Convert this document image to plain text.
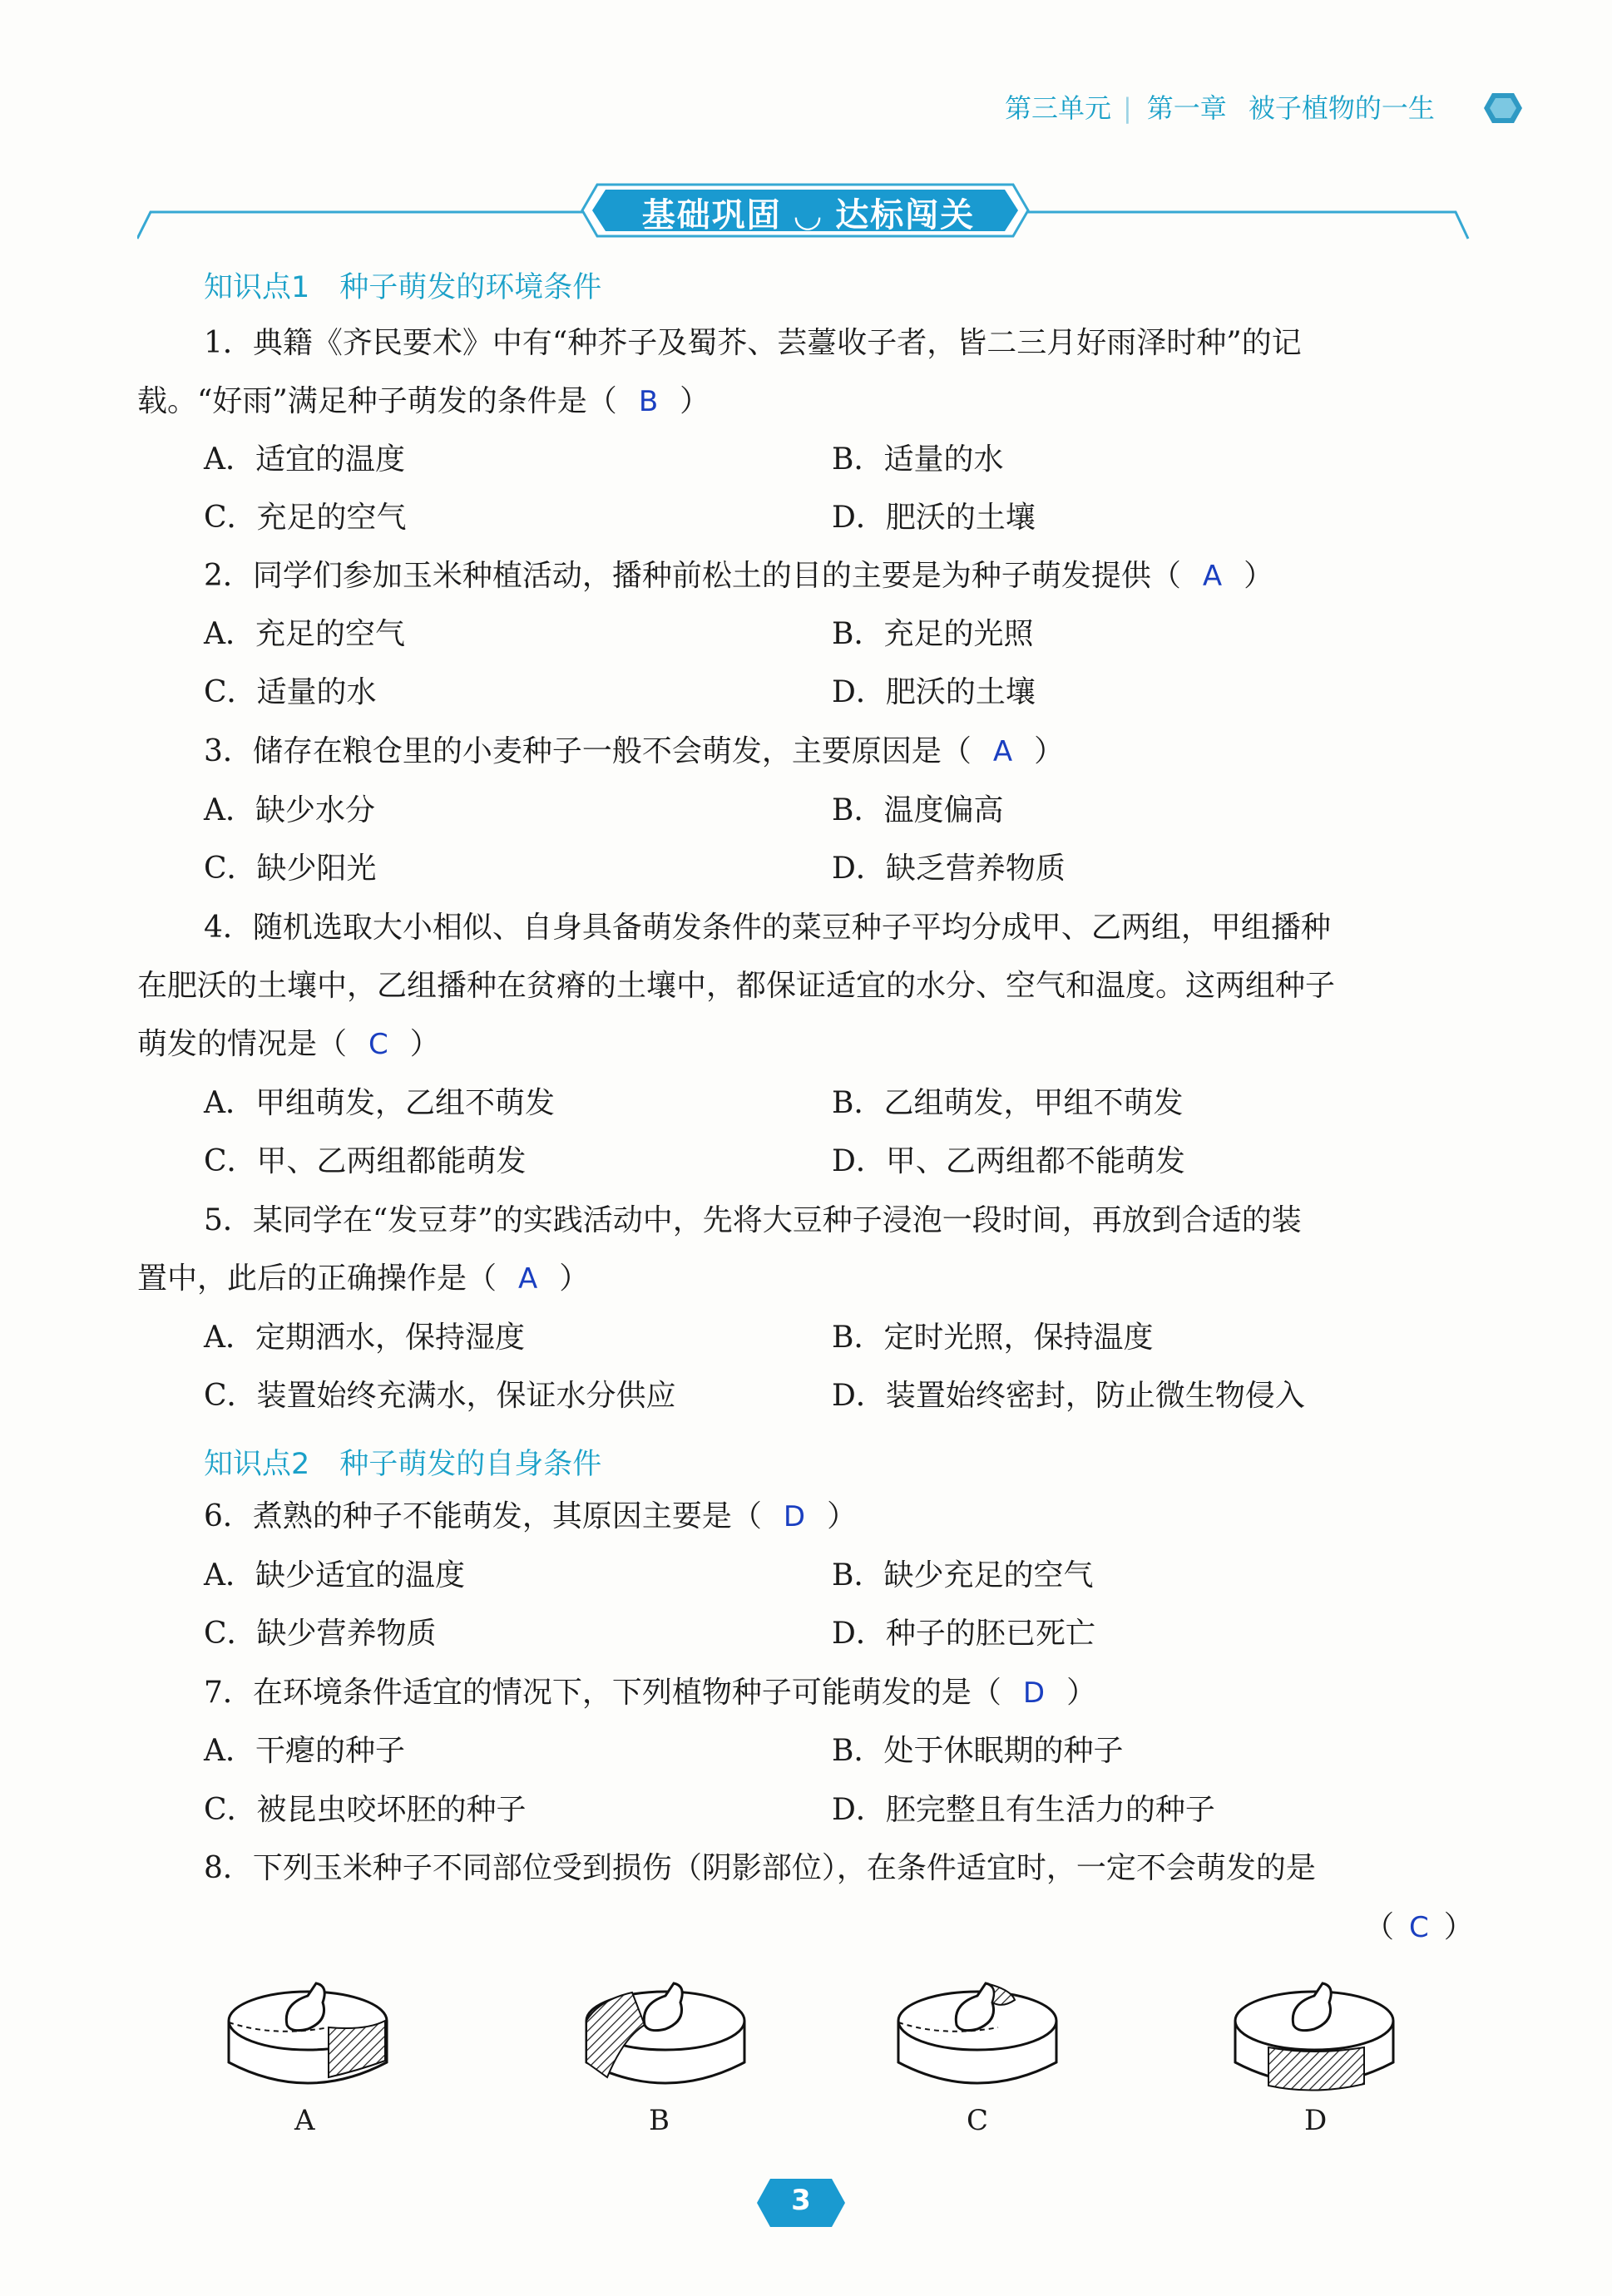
第三单元 | 第一章 被子植物的一生
基础巩固 ◡ 达标闯关
知识点1 种子萌发的环境条件
1．典籍《齐民要术》中有“种芥子及蜀芥、芸薹收子者，皆二三月好雨泽时种”的记
载。“好雨”满足种子萌发的条件是（ B ）
A．适宜的温度	B．适量的水
C．充足的空气	D．肥沃的土壤
2．同学们参加玉米种植活动，播种前松土的目的主要是为种子萌发提供（ A ）
A．充足的空气	B．充足的光照
C．适量的水	D．肥沃的土壤
3．储存在粮仓里的小麦种子一般不会萌发，主要原因是（ A ）
A．缺少水分	B．温度偏高
C．缺少阳光	D．缺乏营养物质
4．随机选取大小相似、自身具备萌发条件的菜豆种子平均分成甲、乙两组，甲组播种
在肥沃的土壤中，乙组播种在贫瘠的土壤中，都保证适宜的水分、空气和温度。这两组种子
萌发的情况是（ C ）
A．甲组萌发，乙组不萌发	B．乙组萌发，甲组不萌发
C．甲、乙两组都能萌发	D．甲、乙两组都不能萌发
5．某同学在“发豆芽”的实践活动中，先将大豆种子浸泡一段时间，再放到合适的装
置中，此后的正确操作是（ A ）
A．定期洒水，保持湿度	B．定时光照，保持温度
C．装置始终充满水，保证水分供应	D．装置始终密封，防止微生物侵入
知识点2 种子萌发的自身条件
6．煮熟的种子不能萌发，其原因主要是（ D ）
A．缺少适宜的温度	B．缺少充足的空气
C．缺少营养物质	D．种子的胚已死亡
7．在环境条件适宜的情况下，下列植物种子可能萌发的是（ D ）
A．干瘪的种子	B．处于休眠期的种子
C．被昆虫咬坏胚的种子	D．胚完整且有生活力的种子
8．下列玉米种子不同部位受到损伤（阴影部位），在条件适宜时，一定不会萌发的是
（ C ）
A	B	C	D
3
